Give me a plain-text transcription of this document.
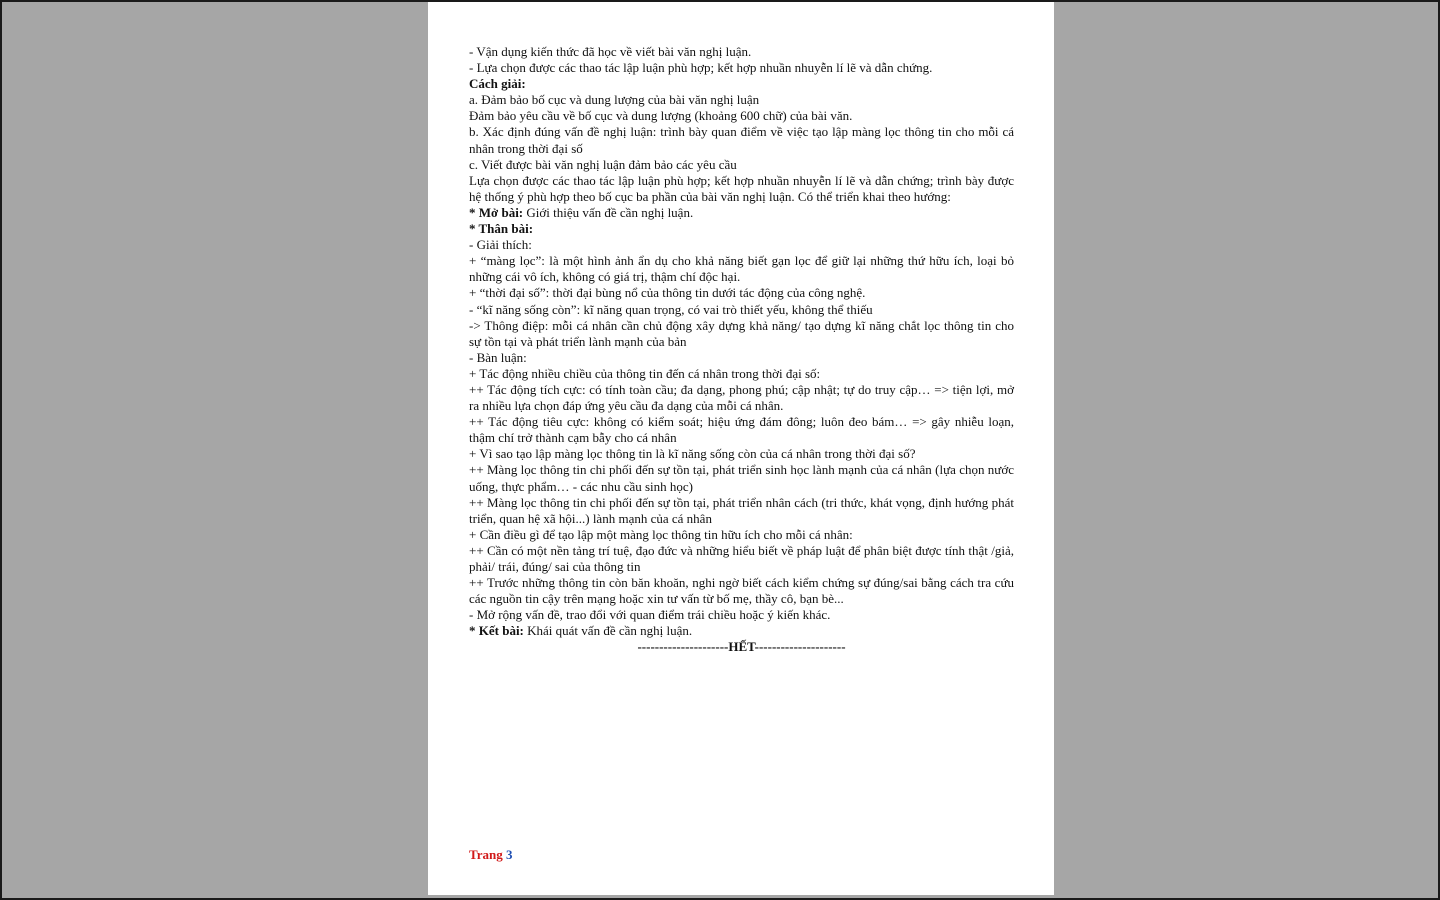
- Vận dụng kiến thức đã học về viết bài văn nghị luận.
- Lựa chọn được các thao tác lập luận phù hợp; kết hợp nhuần nhuyễn lí lẽ và dẫn chứng.
Cách giải:
a. Đảm bảo bố cục và dung lượng của bài văn nghị luận
Đảm bảo yêu cầu về bố cục và dung lượng (khoảng 600 chữ) của bài văn.
b. Xác định đúng vấn đề nghị luận: trình bày quan điểm về việc tạo lập màng lọc thông tin cho mỗi cá nhân trong thời đại số
c. Viết được bài văn nghị luận đảm bảo các yêu cầu
Lựa chọn được các thao tác lập luận phù hợp; kết hợp nhuần nhuyễn lí lẽ và dẫn chứng; trình bày được hệ thống ý phù hợp theo bố cục ba phần của bài văn nghị luận. Có thể triển khai theo hướng:
* Mở bài: Giới thiệu vấn đề cần nghị luận.
* Thân bài:
- Giải thích:
+ “màng lọc”: là một hình ảnh ẩn dụ cho khả năng biết gạn lọc để giữ lại những thứ hữu ích, loại bỏ những cái vô ích, không có giá trị, thậm chí độc hại.
+ “thời đại số”: thời đại bùng nổ của thông tin dưới tác động của công nghệ.
- “kĩ năng sống còn”: kĩ năng quan trọng, có vai trò thiết yếu, không thể thiếu
-> Thông điệp: mỗi cá nhân cần chủ động xây dựng khả năng/ tạo dựng kĩ năng chắt lọc thông tin cho sự tồn tại và phát triển lành mạnh của bản
- Bàn luận:
+ Tác động nhiều chiều của thông tin đến cá nhân trong thời đại số:
++ Tác động tích cực: có tính toàn cầu; đa dạng, phong phú; cập nhật; tự do truy cập… => tiện lợi, mở ra nhiều lựa chọn đáp ứng yêu cầu đa dạng của mỗi cá nhân.
++ Tác động tiêu cực: không có kiểm soát; hiệu ứng đám đông; luôn đeo bám… => gây nhiễu loạn, thậm chí trở thành cạm bẫy cho cá nhân
+ Vì sao tạo lập màng lọc thông tin là kĩ năng sống còn của cá nhân trong thời đại số?
++ Màng lọc thông tin chi phối đến sự tồn tại, phát triển sinh học lành mạnh của cá nhân (lựa chọn nước uống, thực phẩm… - các nhu cầu sinh học)
++ Màng lọc thông tin chi phối đến sự tồn tại, phát triển nhân cách (tri thức, khát vọng, định hướng phát triển, quan hệ xã hội...) lành mạnh của cá nhân
+ Cần điều gì để tạo lập một màng lọc thông tin hữu ích cho mỗi cá nhân:
++ Cần có một nền tảng trí tuệ, đạo đức và những hiểu biết về pháp luật để phân biệt được tính thật /giả, phải/ trái, đúng/ sai của thông tin
++ Trước những thông tin còn băn khoăn, nghi ngờ biết cách kiểm chứng sự đúng/sai bằng cách tra cứu các nguồn tin cậy trên mạng hoặc xin tư vấn từ bố mẹ, thầy cô, bạn bè...
- Mở rộng vấn đề, trao đổi với quan điểm trái chiều hoặc ý kiến khác.
* Kết bài: Khái quát vấn đề cần nghị luận.
---------------------HẾT---------------------
Trang 3
